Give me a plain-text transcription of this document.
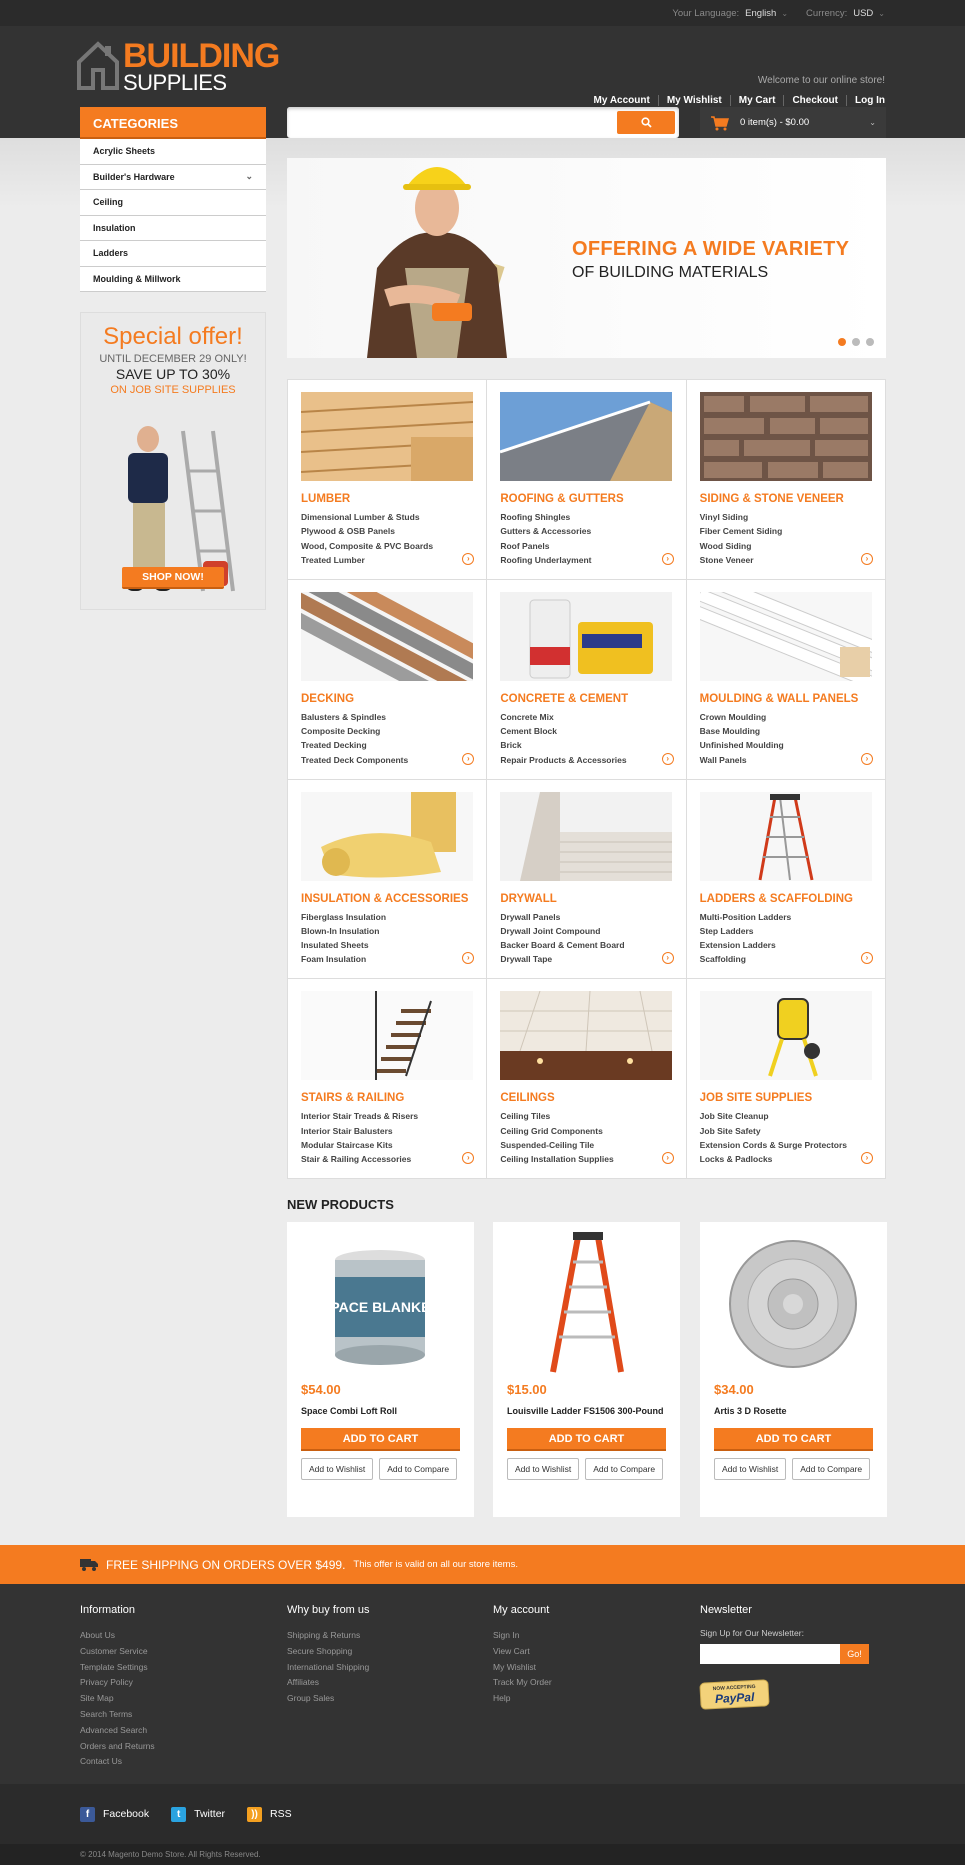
Your Language: English ⌄ Currency: USD ⌄
BUILDING
SUPPLIES	Welcome to our online store!
My Account	My Wishlist	My Cart	Checkout	Log In
CATEGORIES
Acrylic Sheets
Builder's Hardware	⌄
Ceiling
Insulation
Ladders
Moulding & Millwork
0 item(s) - $0.00	⌄
OFFERING A WIDE VARIETY
OF BUILDING MATERIALS
Special offer!
UNTIL DECEMBER 29 ONLY!
SAVE UP TO 30%
ON JOB SITE SUPPLIES
SHOP NOW!
LUMBER
Dimensional Lumber & Studs
Plywood & OSB Panels
Wood, Composite & PVC Boards
Treated Lumber	›
ROOFING & GUTTERS
Roofing Shingles
Gutters & Accessories
Roof Panels
Roofing Underlayment	›
SIDING & STONE VENEER
Vinyl Siding
Fiber Cement Siding
Wood Siding
Stone Veneer	›
DECKING
Balusters & Spindles
Composite Decking
Treated Decking
Treated Deck Components	›
CONCRETE & CEMENT
Concrete Mix
Cement Block
Brick
Repair Products & Accessories	›
MOULDING & WALL PANELS
Crown Moulding
Base Moulding
Unfinished Moulding
Wall Panels	›
INSULATION & ACCESSORIES
Fiberglass Insulation
Blown-In Insulation
Insulated Sheets
Foam Insulation	›
DRYWALL
Drywall Panels
Drywall Joint Compound
Backer Board & Cement Board
Drywall Tape	›
LADDERS & SCAFFOLDING
Multi-Position Ladders
Step Ladders
Extension Ladders
Scaffolding	›
STAIRS & RAILING
Interior Stair Treads & Risers
Interior Stair Balusters
Modular Staircase Kits
Stair & Railing Accessories	›
CEILINGS
Ceiling Tiles
Ceiling Grid Components
Suspended-Ceiling Tile
Ceiling Installation Supplies	›
JOB SITE SUPPLIES
Job Site Cleanup
Job Site Safety
Extension Cords & Surge Protectors
Locks & Padlocks	›
NEW PRODUCTS
SPACE BLANKET
$54.00
Space Combi Loft Roll
ADD TO CART
Add to Wishlist	Add to Compare
$15.00
Louisville Ladder FS1506 300-Pound
ADD TO CART
Add to Wishlist	Add to Compare
$34.00
Artis 3 D Rosette
ADD TO CART
Add to Wishlist	Add to Compare
FREE SHIPPING ON ORDERS OVER $499. This offer is valid on all our store items.
Information
About Us
Customer Service
Template Settings
Privacy Policy
Site Map
Search Terms
Advanced Search
Orders and Returns
Contact Us
Why buy from us
Shipping & Returns
Secure Shopping
International Shipping
Affiliates
Group Sales
My account
Sign In
View Cart
My Wishlist
Track My Order
Help
Newsletter
Sign Up for Our Newsletter:
Go!
NOW ACCEPTING
PayPal
f	Facebook	t	Twitter	))	RSS
© 2014 Magento Demo Store. All Rights Reserved.
